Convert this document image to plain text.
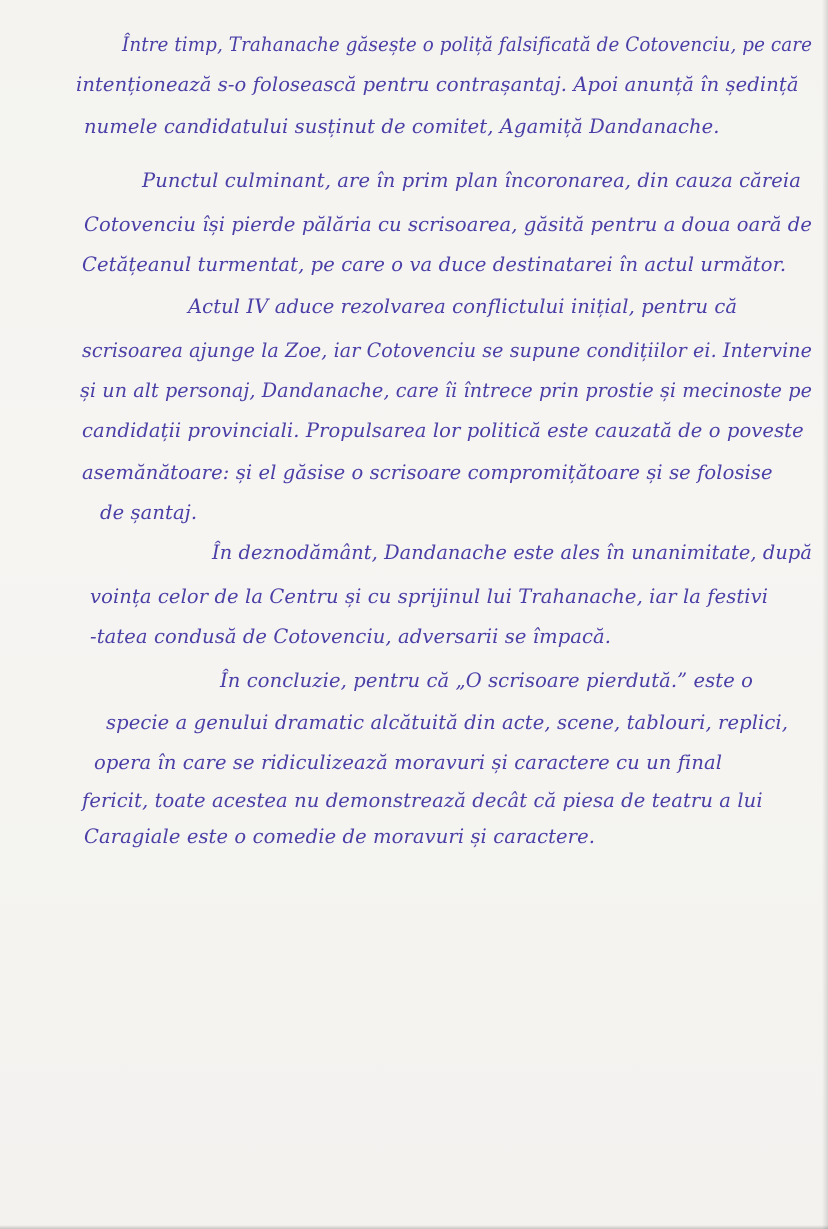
Între timp, Trahanache găsește o poliță falsificată de Cotovenciu, pe care
intenționează s-o folosească pentru contrașantaj. Apoi anunță în ședință
numele candidatului susținut de comitet, Agamiță Dandanache.
Punctul culminant, are în prim plan încoronarea, din cauza căreia
Cotovenciu își pierde pălăria cu scrisoarea, găsită pentru a doua oară de
Cetățeanul turmentat, pe care o va duce destinatarei în actul următor.
Actul IV aduce rezolvarea conflictului inițial, pentru că
scrisoarea ajunge la Zoe, iar Cotovenciu se supune condițiilor ei. Intervine
și un alt personaj, Dandanache, care îi întrece prin prostie și mecinoste pe
candidații provinciali. Propulsarea lor politică este cauzată de o poveste
asemănătoare: și el găsise o scrisoare compromițătoare și se folosise
de șantaj.
În deznodământ, Dandanache este ales în unanimitate, după
voința celor de la Centru și cu sprijinul lui Trahanache, iar la festivi
-tatea condusă de Cotovenciu, adversarii se împacă.
În concluzie, pentru că „O scrisoare pierdută.” este o
specie a genului dramatic alcătuită din acte, scene, tablouri, replici,
opera în care se ridiculizează moravuri și caractere cu un final
fericit, toate acestea nu demonstrează decât că piesa de teatru a lui
Caragiale este o comedie de moravuri și caractere.
